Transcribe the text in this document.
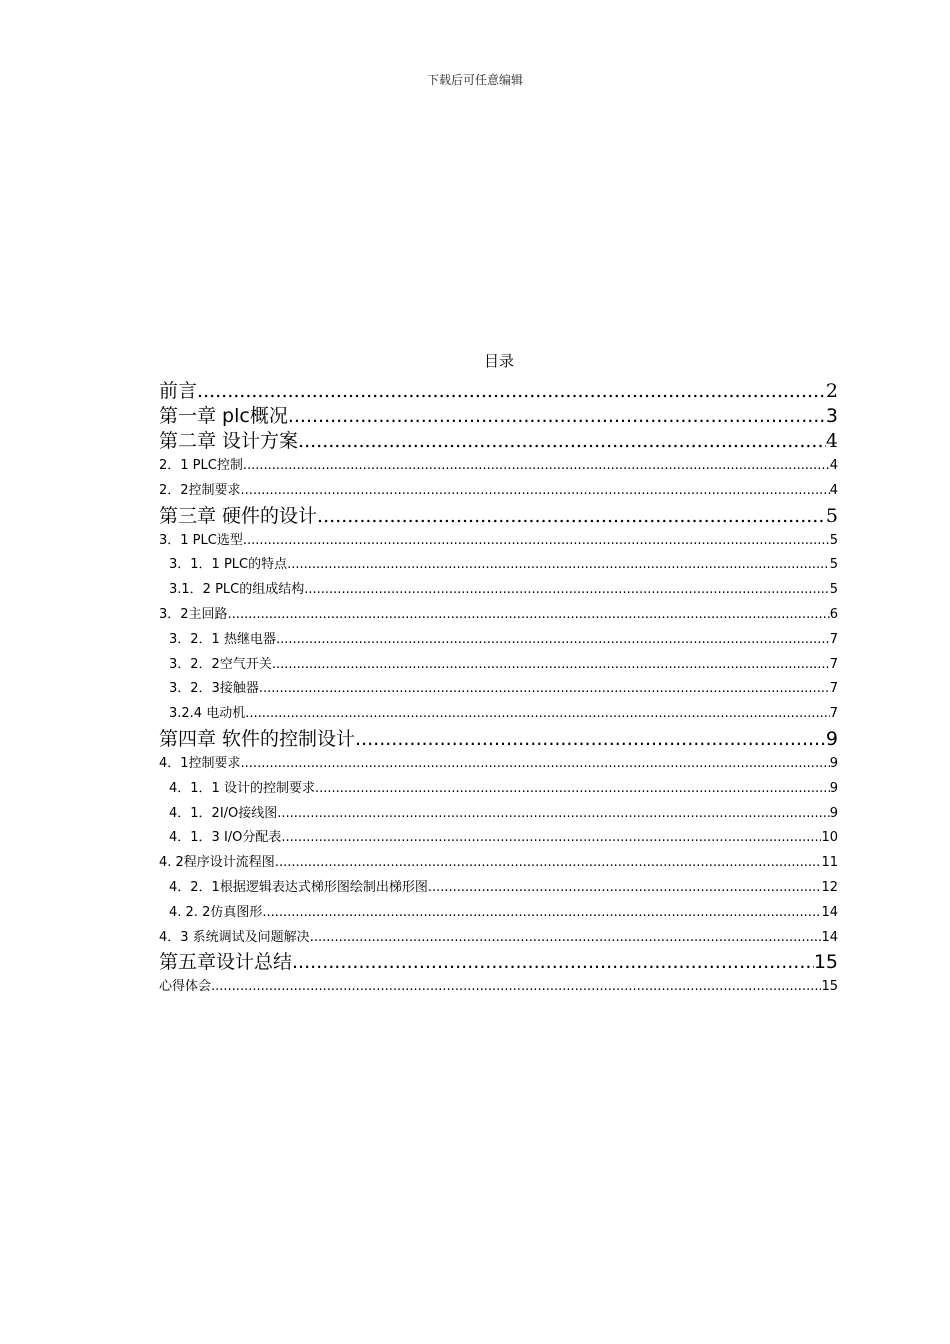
下载后可任意编辑
目录
前言 .....	2
第一章 plc概况 .....	3
第二章 设计方案 .....	4
2．1 PLC控制 .....	4
2．2控制要求 .....	4
第三章 硬件的设计 .....	5
3．1 PLC选型 .....	5
3．1．1 PLC的特点 .....	5
3.1．2 PLC的组成结构 .....	5
3．2主回路 .....	6
3．2．1 热继电器 .....	7
3．2．2空气开关 .....	7
3．2．3接触器 .....	7
3.2.4 电动机 .....	7
第四章 软件的控制设计 .....	9
4．1控制要求 .....	9
4．1．1 设计的控制要求 .....	9
4．1．2I/O接线图 .....	9
4．1．3 I/O分配表 .....	10
4. 2程序设计流程图 .....	11
4．2．1根据逻辑表达式梯形图绘制出梯形图 .....	12
4. 2. 2仿真图形 .....	14
4．3 系统调试及问题解决 .....	14
第五章设计总结 .....	15
心得体会 .....	15
